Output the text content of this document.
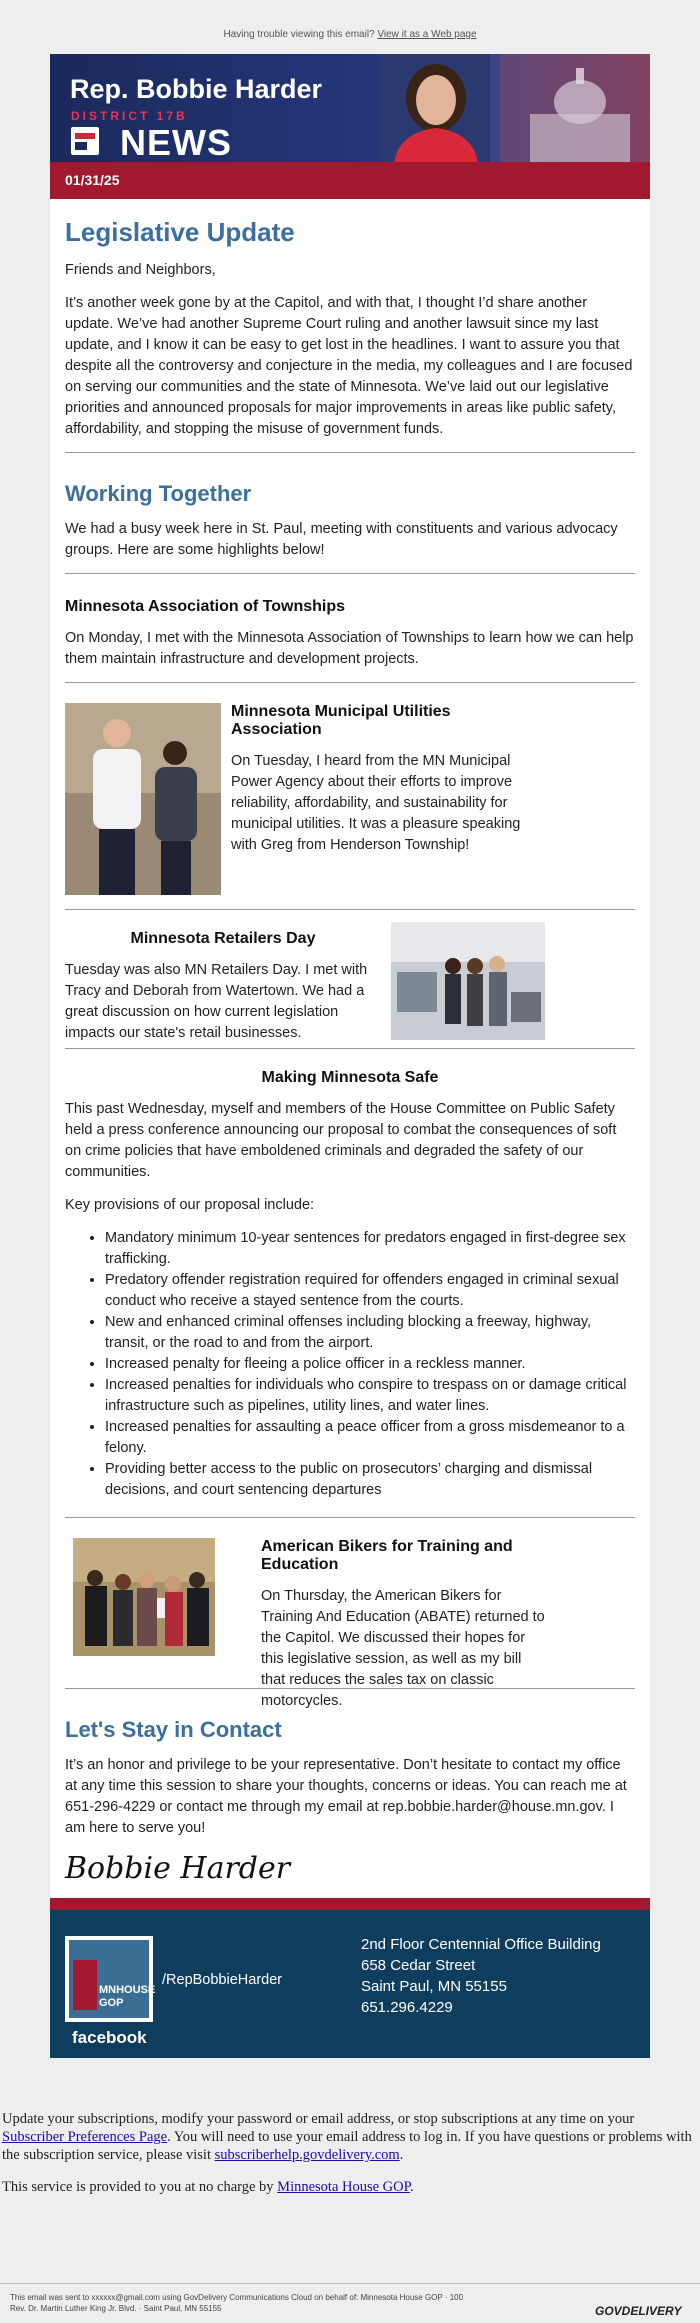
Having trouble viewing this email? View it as a Web page
Rep. Bobbie Harder
DISTRICT 17B
NEWS
01/31/25
Legislative Update

Friends and Neighbors,

It’s another week gone by at the Capitol, and with that, I thought I’d share another update. We’ve had another Supreme Court ruling and another lawsuit since my last update, and I know it can be easy to get lost in the headlines. I want to assure you that despite all the controversy and conjecture in the media, my colleagues and I are focused on serving our communities and the state of Minnesota. We’ve laid out our legislative priorities and announced proposals for major improvements in areas like public safety, affordability, and stopping the misuse of government funds.

Working Together

We had a busy week here in St. Paul, meeting with constituents and various advocacy groups. Here are some highlights below!

Minnesota Association of Townships

On Monday, I met with the Minnesota Association of Townships to learn how we can help them maintain infrastructure and development projects.

Minnesota Municipal Utilities Association

On Tuesday, I heard from the MN Municipal Power Agency about their efforts to improve reliability, affordability, and sustainability for municipal utilities. It was a pleasure speaking with Greg from Henderson Township!

Minnesota Retailers Day

Tuesday was also MN Retailers Day. I met with Tracy and Deborah from Watertown. We had a great discussion on how current legislation impacts our state's retail businesses.

Making Minnesota Safe

This past Wednesday, myself and members of the House Committee on Public Safety held a press conference announcing our proposal to combat the consequences of soft on crime policies that have emboldened criminals and degraded the safety of our communities.

Key provisions of our proposal include:

• Mandatory minimum 10-year sentences for predators engaged in first-degree sex trafficking.
• Predatory offender registration required for offenders engaged in criminal sexual conduct who receive a stayed sentence from the courts.
• New and enhanced criminal offenses including blocking a freeway, highway, transit, or the road to and from the airport.
• Increased penalty for fleeing a police officer in a reckless manner.
• Increased penalties for individuals who conspire to trespass on or damage critical infrastructure such as pipelines, utility lines, and water lines.
• Increased penalties for assaulting a peace officer from a gross misdemeanor to a felony.
• Providing better access to the public on prosecutors’ charging and dismissal decisions, and court sentencing departures
American Bikers for Training and Education

On Thursday, the American Bikers for Training And Education (ABATE) returned to the Capitol. We discussed their hopes for this legislative session, as well as my bill that reduces the sales tax on classic motorcycles.

Let's Stay in Contact

It’s an honor and privilege to be your representative. Don’t hesitate to contact my office at any time this session to share your thoughts, concerns or ideas. You can reach me at 651-296-4229 or contact me through my email at rep.bobbie.harder@house.mn.gov. I am here to serve you!

Bobbie Harder
MNHOUSE GOP
facebook
/RepBobbieHarder
2nd Floor Centennial Office Building
658 Cedar Street
Saint Paul, MN 55155
651.296.4229

Update your subscriptions, modify your password or email address, or stop subscriptions at any time on your Subscriber Preferences Page. You will need to use your email address to log in. If you have questions or problems with the subscription service, please visit subscriberhelp.govdelivery.com.

This service is provided to you at no charge by Minnesota House GOP.

This email was sent to xxxxxx@gmail.com using GovDelivery Communications Cloud on behalf of: Minnesota House GOP · 100
Rev. Dr. Martin Luther King Jr. Blvd. · Saint Paul, MN 55155	GOVDELIVERY
